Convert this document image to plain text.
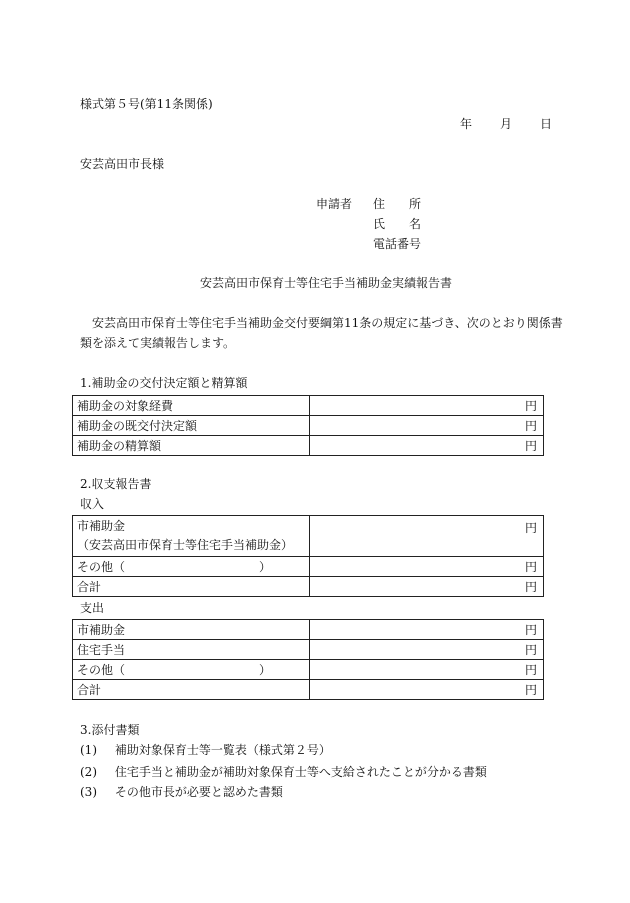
様式第５号(第11条関係)
年 月 日
安芸高田市長様
申請者 住 所
氏 名
電話番号
安芸高田市保育士等住宅手当補助金実績報告書
安芸高田市保育士等住宅手当補助金交付要綱第11条の規定に基づき、次のとおり関係書
類を添えて実績報告します。
1.補助金の交付決定額と精算額
補助金の対象経費	円
補助金の既交付決定額	円
補助金の精算額	円
2.収支報告書
収入
市補助金
（安芸高田市保育士等住宅手当補助金）	円

その他（ ）	円
合計	円
支出
市補助金	円
住宅手当	円

その他（ ）	円
合計	円
3.添付書類
(1) 補助対象保育士等一覧表（様式第２号）
(2) 住宅手当と補助金が補助対象保育士等へ支給されたことが分かる書類
(3) その他市長が必要と認めた書類
